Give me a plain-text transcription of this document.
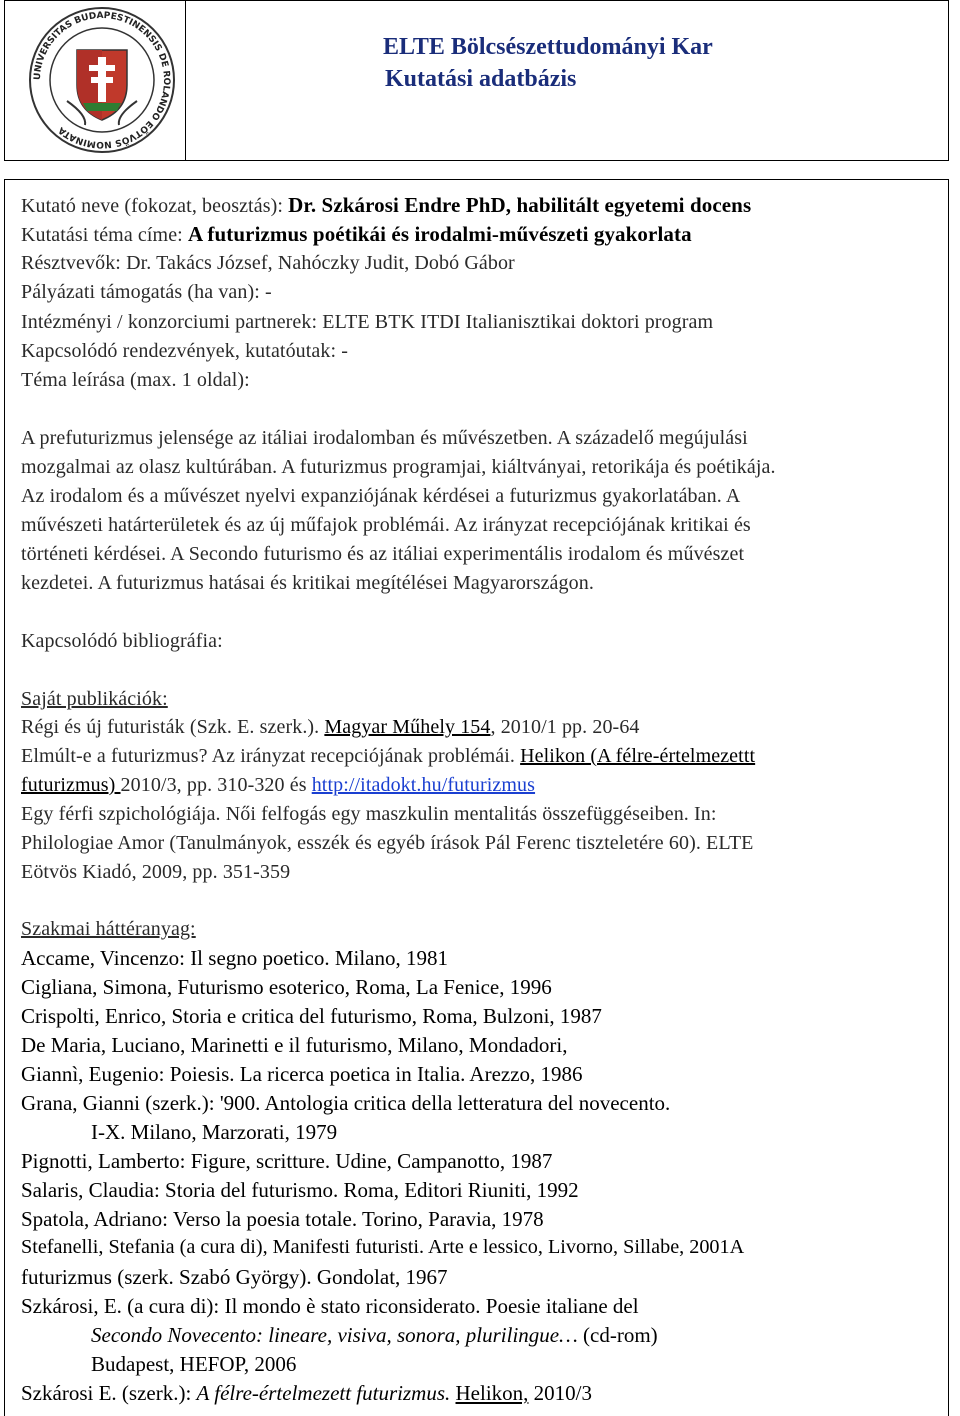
UNIVERSITAS BUDAPESTINENSIS DE ROLANDO EÖTVÖS NOMINATA
ELTE Bölcsészettudományi Kar
Kutatási adatbázis
Kutató neve (fokozat, beosztás): Dr. Szkárosi Endre PhD, habilitált egyetemi docens
Kutatási téma címe: A futurizmus poétikái és irodalmi-művészeti gyakorlata
Résztvevők: Dr. Takács József, Nahóczky Judit, Dobó Gábor
Pályázati támogatás (ha van): -
Intézményi / konzorciumi partnerek: ELTE BTK ITDI Italianisztikai doktori program
Kapcsolódó rendezvények, kutatóutak: -
Téma leírása (max. 1 oldal):
A prefuturizmus jelensége az itáliai irodalomban és művészetben. A századelő megújulási
mozgalmai az olasz kultúrában. A futurizmus programjai, kiáltványai, retorikája és poétikája.
Az irodalom és a művészet nyelvi expanziójának kérdései a futurizmus gyakorlatában. A
művészeti határterületek és az új műfajok problémái. Az irányzat recepciójának kritikai és
történeti kérdései. A Secondo futurismo és az itáliai experimentális irodalom és művészet
kezdetei. A futurizmus hatásai és kritikai megítélései Magyarországon.
Kapcsolódó bibliográfia:
Saját publikációk:
Régi és új futuristák (Szk. E. szerk.). Magyar Műhely 154, 2010/1 pp. 20-64
Elmúlt-e a futurizmus? Az irányzat recepciójának problémái. Helikon (A félre-értelmezettt
futurizmus) 2010/3, pp. 310-320 és http://itadokt.hu/futurizmus
Egy férfi szpichológiája. Női felfogás egy maszkulin mentalitás összefüggéseiben. In:
Philologiae Amor (Tanulmányok, esszék és egyéb írások Pál Ferenc tiszteletére 60). ELTE
Eötvös Kiadó, 2009, pp. 351-359
Szakmai háttéranyag:
Accame, Vincenzo: Il segno poetico. Milano, 1981
Cigliana, Simona, Futurismo esoterico, Roma, La Fenice, 1996
Crispolti, Enrico, Storia e critica del futurismo, Roma, Bulzoni, 1987
De Maria, Luciano, Marinetti e il futurismo, Milano, Mondadori,
Giannì, Eugenio: Poiesis. La ricerca poetica in Italia. Arezzo, 1986
Grana, Gianni (szerk.): '900. Antologia critica della letteratura del novecento.
I-X. Milano, Marzorati, 1979
Pignotti, Lamberto: Figure, scritture. Udine, Campanotto, 1987
Salaris, Claudia: Storia del futurismo. Roma, Editori Riuniti, 1992
Spatola, Adriano: Verso la poesia totale. Torino, Paravia, 1978
Stefanelli, Stefania (a cura di), Manifesti futuristi. Arte e lessico, Livorno, Sillabe, 2001A
futurizmus (szerk. Szabó György). Gondolat, 1967
Szkárosi, E. (a cura di): Il mondo è stato riconsiderato. Poesie italiane del
Secondo Novecento: lineare, visiva, sonora, plurilingue… (cd-rom)
Budapest, HEFOP, 2006
Szkárosi E. (szerk.): A félre-értelmezett futurizmus. Helikon, 2010/3
